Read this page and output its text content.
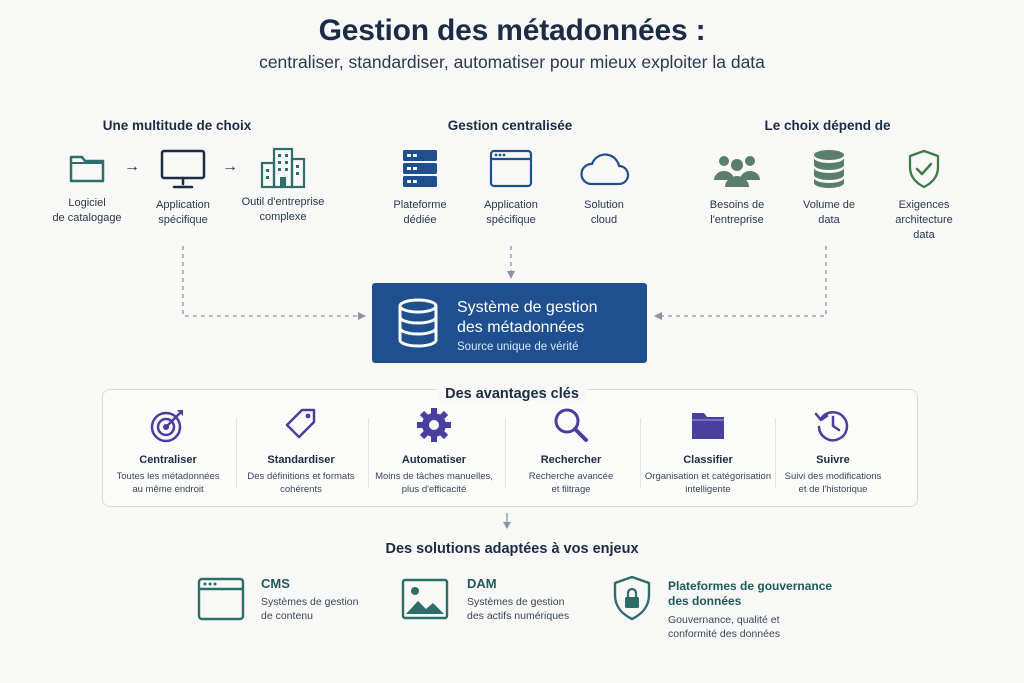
Gestion des métadonnées :
centraliser, standardiser, automatiser pour mieux exploiter la data
Une multitude de choix	Gestion centralisée	Le choix dépend de
Logiciel
de catalogage
→
Application
spécifique
→
Outil d'entreprise
complexe
Plateforme
dédiée
Application
spécifique
Solution
cloud
Besoins de
l'entreprise
Volume de
data
Exigences
architecture
data
Système de gestion
des métadonnées
Source unique de vérité
Des avantages clés
Centraliser
Toutes les métadonnées
au même endroit
Standardiser
Des définitions et formats
cohérents
Automatiser
Moins de tâches manuelles,
plus d'efficacité
Rechercher
Recherche avancée
et filtrage
Classifier
Organisation et catégorisation
intelligente
Suivre
Suivi des modifications
et de l'historique
Des solutions adaptées à vos enjeux
CMS
Systèmes de gestion
de contenu
DAM
Systèmes de gestion
des actifs numériques
Plateformes de gouvernance
des données
Gouvernance, qualité et
conformité des données
